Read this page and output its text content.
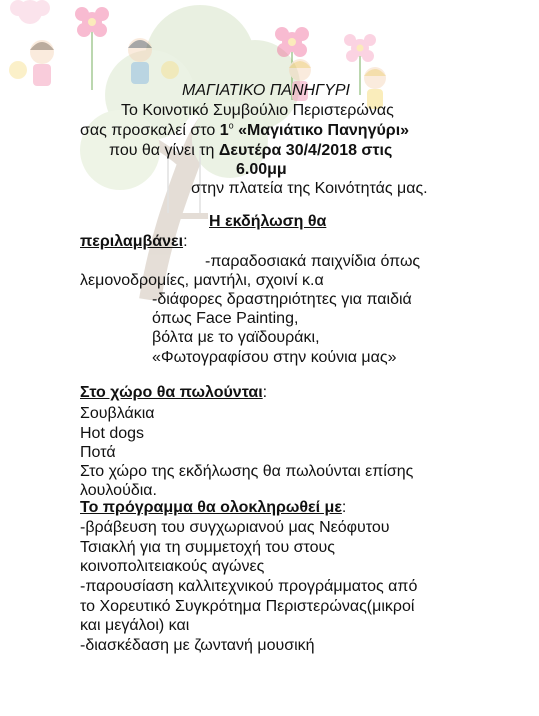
ΜΑΓΙΑΤΙΚΟ ΠΑΝΗΓΥΡΙ
Το Κοινοτικό Συμβούλιο Περιστερώνας
σας προσκαλεί στο $1^o$ «Μαγιάτικο Πανηγύρι»
που θα γίνει τη Δευτέρα 30/4/2018 στις
6.00μμ
στην πλατεία της Κοινότητάς μας.
Η εκδήλωση θα
περιλαμβάνει:
-παραδοσιακά παιχνίδια όπως
λεμονοδρομίες, μαντήλι, σχοινί κ.α
-διάφορες δραστηριότητες για παιδιά
όπως Face Painting,
βόλτα με το γαϊδουράκι,
«Φωτογραφίσου στην κούνια μας»
Στο χώρο θα πωλούνται:
Σουβλάκια
Hot dogs
Ποτά
Στο χώρο της εκδήλωσης θα πωλούνται επίσης
λουλούδια.
Το πρόγραμμα θα ολοκληρωθεί με:
-βράβευση του συγχωριανού μας Νεόφυτου
Τσιακλή για τη συμμετοχή του στους
κοινοπολιτειακούς αγώνες
-παρουσίαση καλλιτεχνικού προγράμματος από
το Χορευτικό Συγκρότημα Περιστερώνας(μικροί
και μεγάλοι) και
-διασκέδαση με ζωντανή μουσική
